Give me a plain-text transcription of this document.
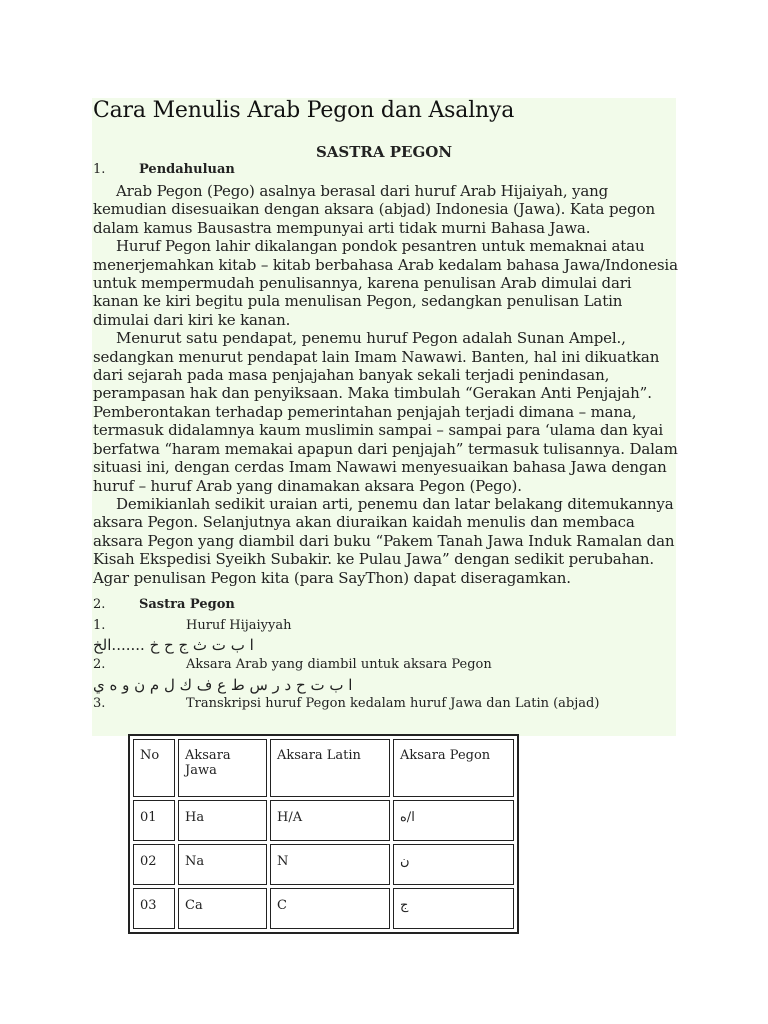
Cara Menulis Arab Pegon dan Asalnya
SASTRA PEGON
1.	Pendahuluan

Arab Pegon (Pego) asalnya berasal dari huruf Arab Hijaiyah, yang kemudian disesuaikan dengan aksara (abjad) Indonesia (Jawa). Kata pegon dalam kamus Bausastra mempunyai arti tidak murni Bahasa Jawa.

Huruf Pegon lahir dikalangan pondok pesantren untuk memaknai atau menerjemahkan kitab – kitab berbahasa Arab kedalam bahasa Jawa/Indonesia untuk mempermudah penulisannya, karena penulisan Arab dimulai dari kanan ke kiri begitu pula menulisan Pegon, sedangkan penulisan Latin dimulai dari kiri ke kanan.

Menurut satu pendapat, penemu huruf Pegon adalah Sunan Ampel., sedangkan menurut pendapat lain Imam Nawawi. Banten, hal ini dikuatkan dari sejarah pada masa penjajahan banyak sekali terjadi penindasan, perampasan hak dan penyiksaan. Maka timbulah “Gerakan Anti Penjajah”. Pemberontakan terhadap pemerintahan penjajah terjadi dimana – mana, termasuk didalamnya kaum muslimin sampai – sampai para ‘ulama dan kyai berfatwa “haram memakai apapun dari penjajah” termasuk tulisannya. Dalam situasi ini, dengan cerdas Imam Nawawi menyesuaikan bahasa Jawa dengan huruf – huruf Arab yang dinamakan aksara Pegon (Pego).

Demikianlah sedikit uraian arti, penemu dan latar belakang ditemukannya aksara Pegon. Selanjutnya akan diuraikan kaidah menulis dan membaca aksara Pegon yang diambil dari buku “Pakem Tanah Jawa Induk Ramalan dan Kisah Ekspedisi Syeikh Subakir. ke Pulau Jawa” dengan sedikit perubahan. Agar penulisan Pegon kita (para SayThon) dapat diseragamkan.

2.	Sastra Pegon
1.	Huruf Hijaiyyah
ا ب ت ث ج ح خ .......الخ
2.	Aksara Arab yang diambil untuk aksara Pegon
ا ب ت ح د ر س ط ع ف ك ل م ن و ه ي
3.	Transkripsi huruf Pegon kedalam huruf Jawa dan Latin (abjad)
No	Aksara Jawa	Aksara Latin	Aksara Pegon
01	Ha	H/A	ا/ه
02	Na	N	ن
03	Ca	C	ج
